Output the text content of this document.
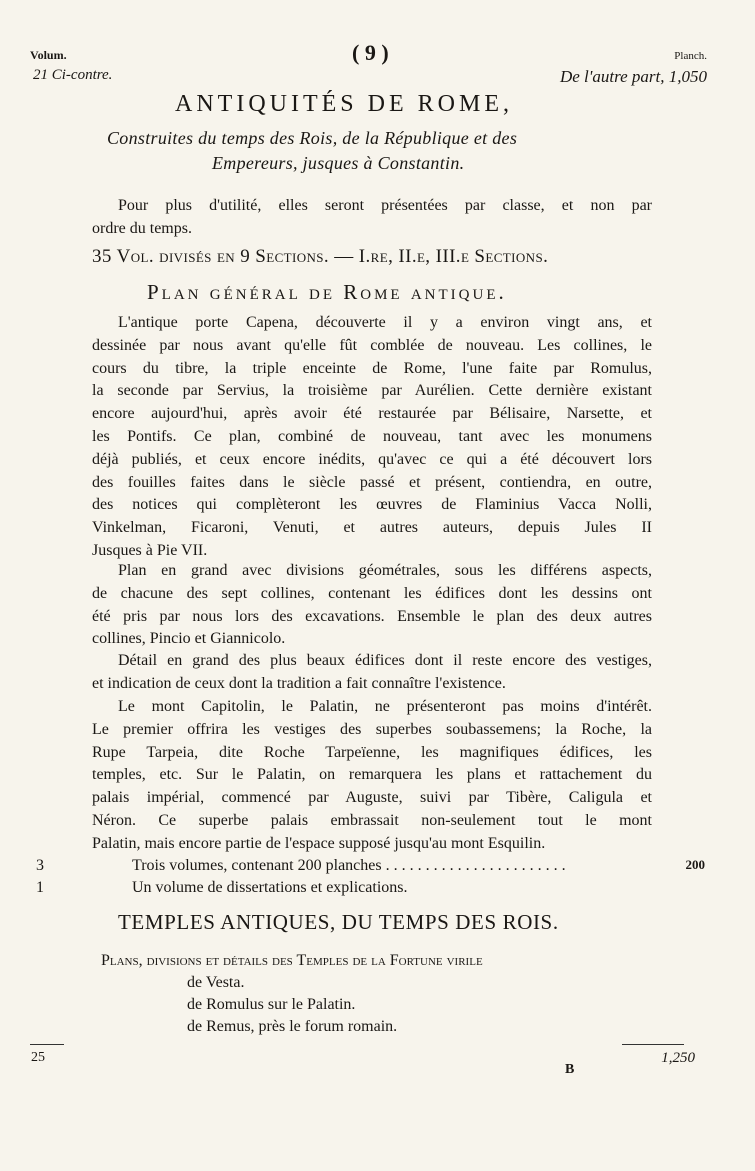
Volum.	( 9 )	Planch.
21 Ci-contre.	De l'autre part, 1,050
ANTIQUITÉS DE ROME,
Construites du temps des Rois, de la République et des
Empereurs, jusques à Constantin.
Pour plus d'utilité, elles seront présentées par classe, et non par
ordre du temps.
35 Vol. divisés en 9 Sections. — I.re, II.e, III.e Sections.
Plan général de Rome antique.
L'antique porte Capena, découverte il y a environ vingt ans, et
dessinée par nous avant qu'elle fût comblée de nouveau. Les collines, le
cours du tibre, la triple enceinte de Rome, l'une faite par Romulus,
la seconde par Servius, la troisième par Aurélien. Cette dernière existant
encore aujourd'hui, après avoir été restaurée par Bélisaire, Narsette, et
les Pontifs. Ce plan, combiné de nouveau, tant avec les monumens
déjà publiés, et ceux encore inédits, qu'avec ce qui a été découvert lors
des fouilles faites dans le siècle passé et présent, contiendra, en outre,
des notices qui complèteront les œuvres de Flaminius Vacca Nolli,
Vinkelman, Ficaroni, Venuti, et autres auteurs, depuis Jules II
Jusques à Pie VII.
Plan en grand avec divisions géométrales, sous les différens aspects,
de chacune des sept collines, contenant les édifices dont les dessins ont
été pris par nous lors des excavations. Ensemble le plan des deux autres
collines, Pincio et Giannicolo.
Détail en grand des plus beaux édifices dont il reste encore des vestiges,
et indication de ceux dont la tradition a fait connaître l'existence.
Le mont Capitolin, le Palatin, ne présenteront pas moins d'intérêt.
Le premier offrira les vestiges des superbes soubassemens; la Roche, la
Rupe Tarpeia, dite Roche Tarpeïenne, les magnifiques édifices, les
temples, etc. Sur le Palatin, on remarquera les plans et rattachement du
palais impérial, commencé par Auguste, suivi par Tibère, Caligula et
Néron. Ce superbe palais embrassait non-seulement tout le mont
Palatin, mais encore partie de l'espace supposé jusqu'au mont Esquilin.
3	Trois volumes, contenant 200 planches . . . . . . . . . . . . . . . . . . . . . . .	200
1	Un volume de dissertations et explications.
TEMPLES ANTIQUES, DU TEMPS DES ROIS.
Plans, divisions et détails des Temples de la Fortune virile
de Vesta.
de Romulus sur le Palatin.
de Remus, près le forum romain.
25	1,250
B
